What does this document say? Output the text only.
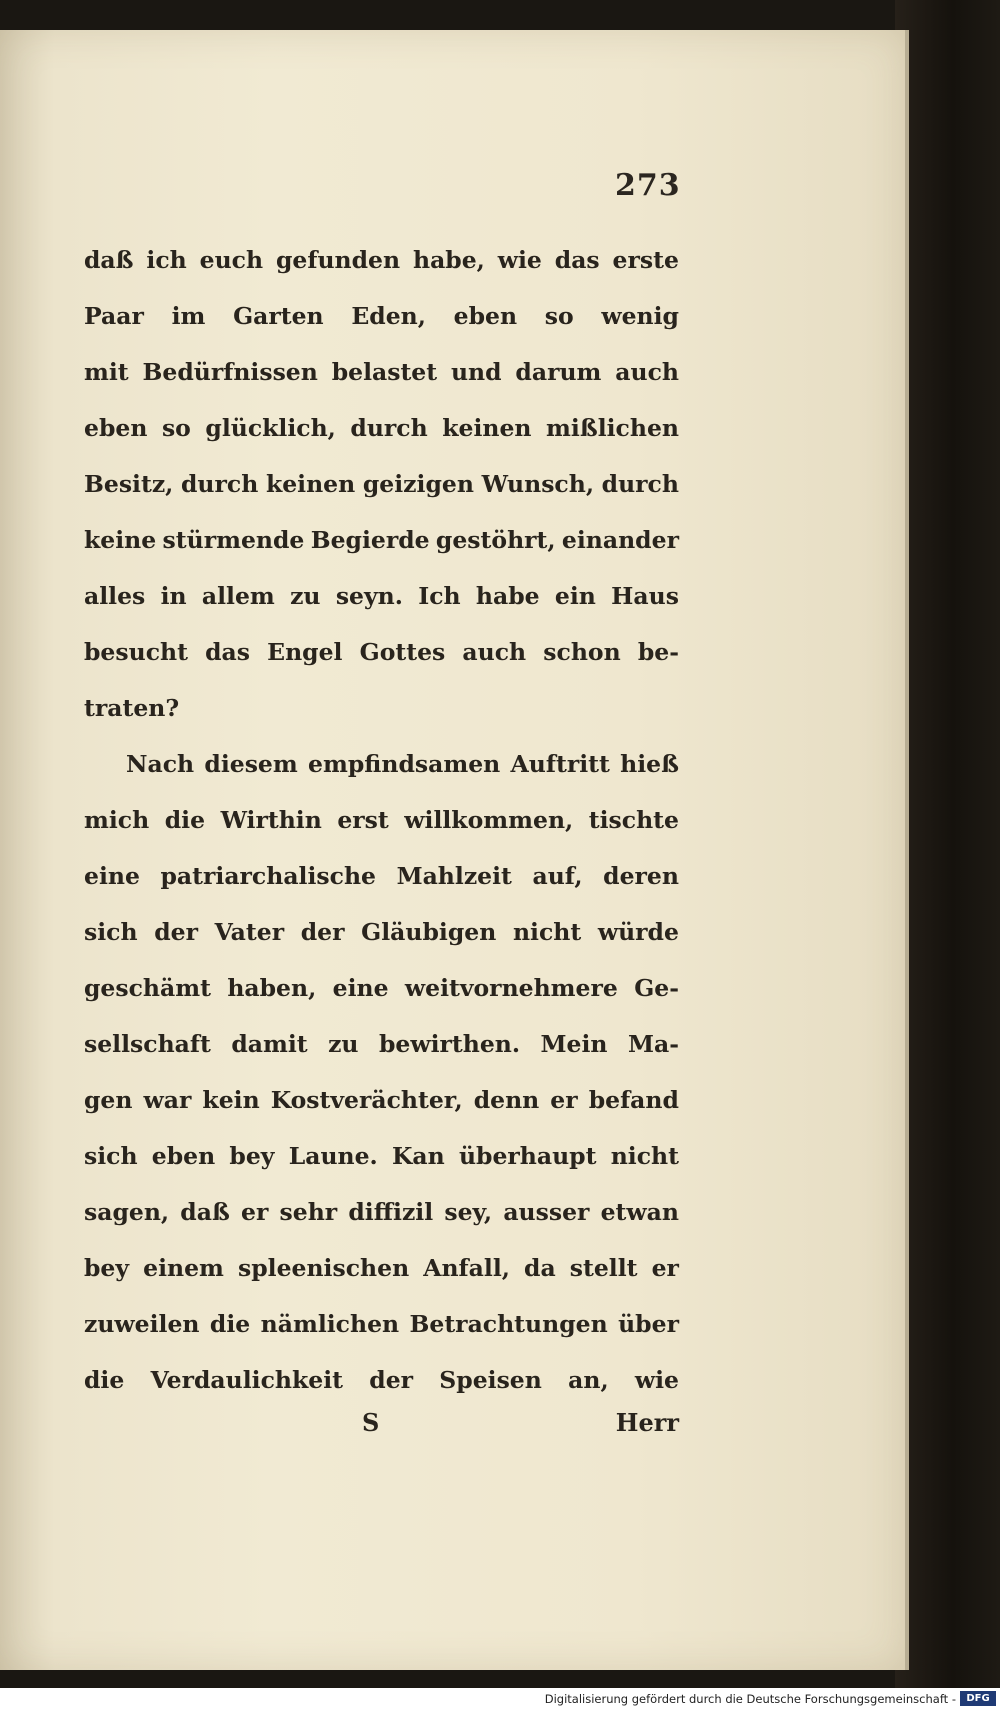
273
daß ich euch gefunden habe, wie das erste
Paar im Garten Eden, eben so wenig
mit Bedürfnissen belastet und darum auch
eben so glücklich, durch keinen mißlichen
Besitz, durch keinen geizigen Wunsch, durch
keine stürmende Begierde gestöhrt, einander
alles in allem zu seyn. Ich habe ein Haus
besucht das Engel Gottes auch schon be-
traten?
Nach diesem empfindsamen Auftritt hieß
mich die Wirthin erst willkommen, tischte
eine patriarchalische Mahlzeit auf, deren
sich der Vater der Gläubigen nicht würde
geschämt haben, eine weitvornehmere Ge-
sellschaft damit zu bewirthen. Mein Ma-
gen war kein Kostverächter, denn er befand
sich eben bey Laune. Kan überhaupt nicht
sagen, daß er sehr diffizil sey, ausser etwan
bey einem spleenischen Anfall, da stellt er
zuweilen die nämlichen Betrachtungen über
die Verdaulichkeit der Speisen an, wie
S	Herr
Digitalisierung gefördert durch die Deutsche Forschungsgemeinschaft -	DFG
